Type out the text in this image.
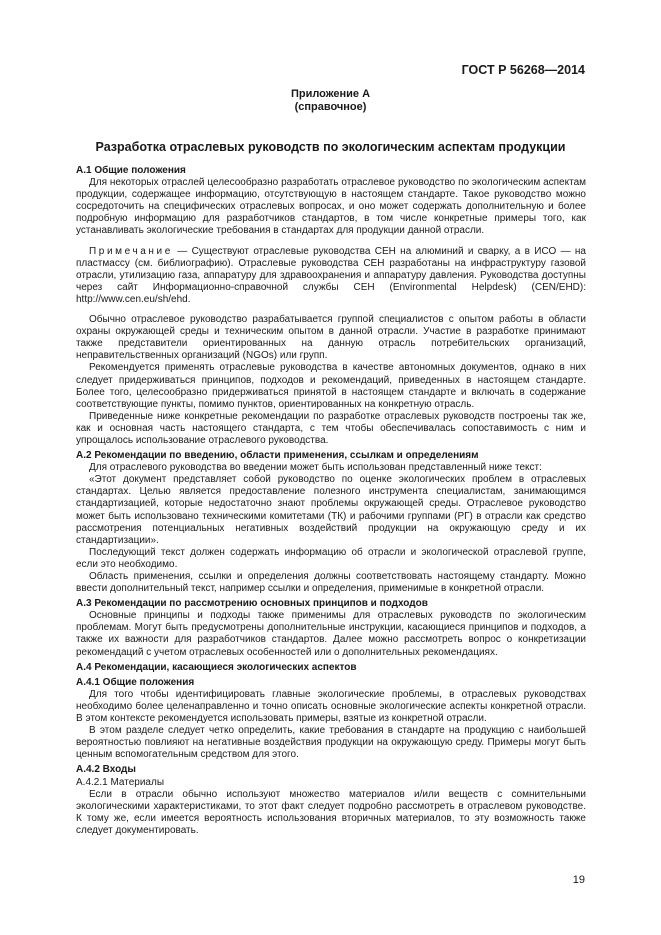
ГОСТ Р 56268—2014
Приложение А
(справочное)
Разработка отраслевых руководств по экологическим аспектам продукции

А.1 Общие положения

Для некоторых отраслей целесообразно разработать отраслевое руководство по экологическим аспектам продукции, содержащее информацию, отсутствующую в настоящем стандарте. Такое руководство можно сосредоточить на специфических отраслевых вопросах, и оно может содержать дополнительную и более подробную информацию для разработчиков стандартов, в том числе конкретные примеры того, как устанавливать экологические требования в стандартах для продукции данной отрасли.

Примечание — Существуют отраслевые руководства СЕН на алюминий и сварку, а в ИСО — на пластмассу (см. библиографию). Отраслевые руководства СЕН разработаны на инфраструктуру газовой отрасли, утилизацию газа, аппаратуру для здравоохранения и аппаратуру давления. Руководства доступны через сайт Информационно-справочной службы СЕН (Environmental Helpdesk) (CEN/EHD): http://www.cen.eu/sh/ehd.

Обычно отраслевое руководство разрабатывается группой специалистов с опытом работы в области охраны окружающей среды и техническим опытом в данной отрасли. Участие в разработке принимают также представители ориентированных на данную отрасль потребительских организаций, неправительственных организаций (NGOs) или групп.

Рекомендуется применять отраслевые руководства в качестве автономных документов, однако в них следует придерживаться принципов, подходов и рекомендаций, приведенных в настоящем стандарте. Более того, целесообразно придерживаться принятой в настоящем стандарте и включать в содержание соответствующие пункты, помимо пунктов, ориентированных на конкретную отрасль.

Приведенные ниже конкретные рекомендации по разработке отраслевых руководств построены так же, как и основная часть настоящего стандарта, с тем чтобы обеспечивалась сопоставимость с ним и упрощалось использование отраслевого руководства.

А.2 Рекомендации по введению, области применения, ссылкам и определениям

Для отраслевого руководства во введении может быть использован представленный ниже текст:

«Этот документ представляет собой руководство по оценке экологических проблем в отраслевых стандартах. Целью является предоставление полезного инструмента специалистам, занимающимся стандартизацией, которые недостаточно знают проблемы окружающей среды. Отраслевое руководство может быть использовано техническими комитетами (ТК) и рабочими группами (РГ) в отрасли как средство рассмотрения потенциальных негативных воздействий продукции на окружающую среду и их стандартизации».

Последующий текст должен содержать информацию об отрасли и экологической отраслевой группе, если это необходимо.

Область применения, ссылки и определения должны соответствовать настоящему стандарту. Можно ввести дополнительный текст, например ссылки и определения, применимые в конкретной отрасли.

А.3 Рекомендации по рассмотрению основных принципов и подходов

Основные принципы и подходы также применимы для отраслевых руководств по экологическим проблемам. Могут быть предусмотрены дополнительные инструкции, касающиеся принципов и подходов, а также их важности для разработчиков стандартов. Далее можно рассмотреть вопрос о конкретизации рекомендаций с учетом отраслевых особенностей или о дополнительных рекомендациях.

А.4 Рекомендации, касающиеся экологических аспектов

А.4.1 Общие положения

Для того чтобы идентифицировать главные экологические проблемы, в отраслевых руководствах необходимо более целенаправленно и точно описать основные экологические аспекты конкретной отрасли. В этом контексте рекомендуется использовать примеры, взятые из конкретной отрасли.

В этом разделе следует четко определить, какие требования в стандарте на продукцию с наибольшей вероятностью повлияют на негативные воздействия продукции на окружающую среду. Примеры могут быть ценным вспомогательным средством для этого.

А.4.2 Входы

А.4.2.1 Материалы

Если в отрасли обычно используют множество материалов и/или веществ с сомнительными экологическими характеристиками, то этот факт следует подробно рассмотреть в отраслевом руководстве. К тому же, если имеется вероятность использования вторичных материалов, то эту возможность также следует документировать.

19
